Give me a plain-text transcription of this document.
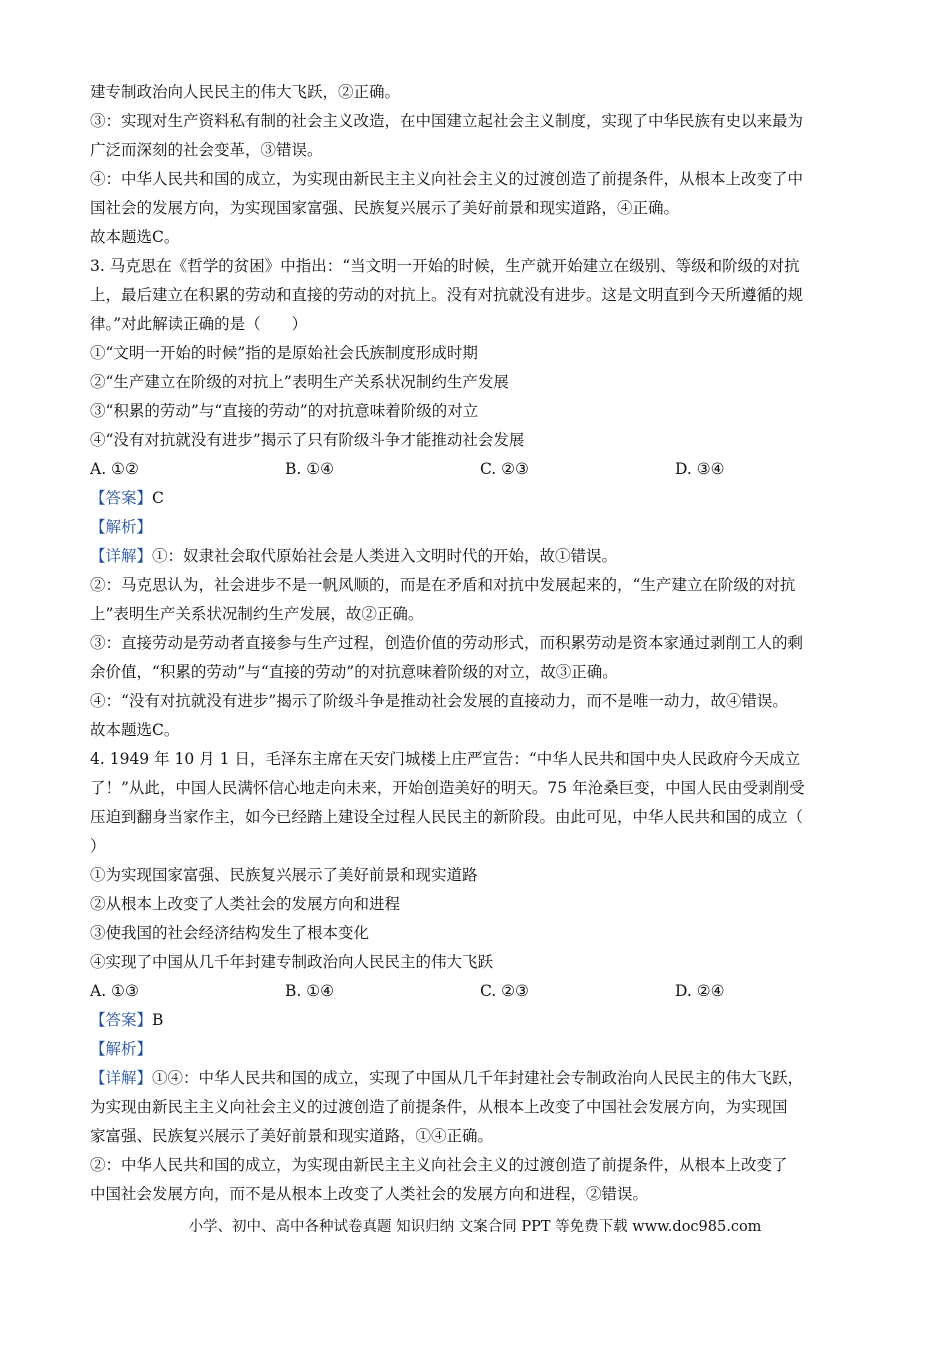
建专制政治向人民民主的伟大飞跃，②正确。
③：实现对生产资料私有制的社会主义改造，在中国建立起社会主义制度，实现了中华民族有史以来最为
广泛而深刻的社会变革，③错误。
④：中华人民共和国的成立，为实现由新民主主义向社会主义的过渡创造了前提条件，从根本上改变了中
国社会的发展方向，为实现国家富强、民族复兴展示了美好前景和现实道路，④正确。
故本题选C。
3. 马克思在《哲学的贫困》中指出：“当文明一开始的时候，生产就开始建立在级别、等级和阶级的对抗
上，最后建立在积累的劳动和直接的劳动的对抗上。没有对抗就没有进步。这是文明直到今天所遵循的规
律。”对此解读正确的是（　　）
①“文明一开始的时候”指的是原始社会氏族制度形成时期
②“生产建立在阶级的对抗上”表明生产关系状况制约生产发展
③“积累的劳动”与“直接的劳动”的对抗意味着阶级的对立
④“没有对抗就没有进步”揭示了只有阶级斗争才能推动社会发展
A. ①②	B. ①④	C. ②③	D. ③④
【答案】C
【解析】
【详解】①：奴隶社会取代原始社会是人类进入文明时代的开始，故①错误。
②：马克思认为，社会进步不是一帆风顺的，而是在矛盾和对抗中发展起来的，“生产建立在阶级的对抗
上”表明生产关系状况制约生产发展，故②正确。
③：直接劳动是劳动者直接参与生产过程，创造价值的劳动形式，而积累劳动是资本家通过剥削工人的剩
余价值，“积累的劳动”与“直接的劳动”的对抗意味着阶级的对立，故③正确。
④：“没有对抗就没有进步”揭示了阶级斗争是推动社会发展的直接动力，而不是唯一动力，故④错误。
故本题选C。
4. 1949 年 10 月 1 日，毛泽东主席在天安门城楼上庄严宣告：“中华人民共和国中央人民政府今天成立
了！”从此，中国人民满怀信心地走向未来，开始创造美好的明天。75 年沧桑巨变，中国人民由受剥削受
压迫到翻身当家作主，如今已经踏上建设全过程人民民主的新阶段。由此可见，中华人民共和国的成立（
）
①为实现国家富强、民族复兴展示了美好前景和现实道路
②从根本上改变了人类社会的发展方向和进程
③使我国的社会经济结构发生了根本变化
④实现了中国从几千年封建专制政治向人民民主的伟大飞跃
A. ①③	B. ①④	C. ②③	D. ②④
【答案】B
【解析】
【详解】①④：中华人民共和国的成立，实现了中国从几千年封建社会专制政治向人民民主的伟大飞跃，
为实现由新民主主义向社会主义的过渡创造了前提条件，从根本上改变了中国社会发展方向，为实现国
家富强、民族复兴展示了美好前景和现实道路，①④正确。
②：中华人民共和国的成立，为实现由新民主主义向社会主义的过渡创造了前提条件，从根本上改变了
中国社会发展方向，而不是从根本上改变了人类社会的发展方向和进程，②错误。
小学、初中、高中各种试卷真题 知识归纳 文案合同 PPT 等免费下载 www.doc985.com
